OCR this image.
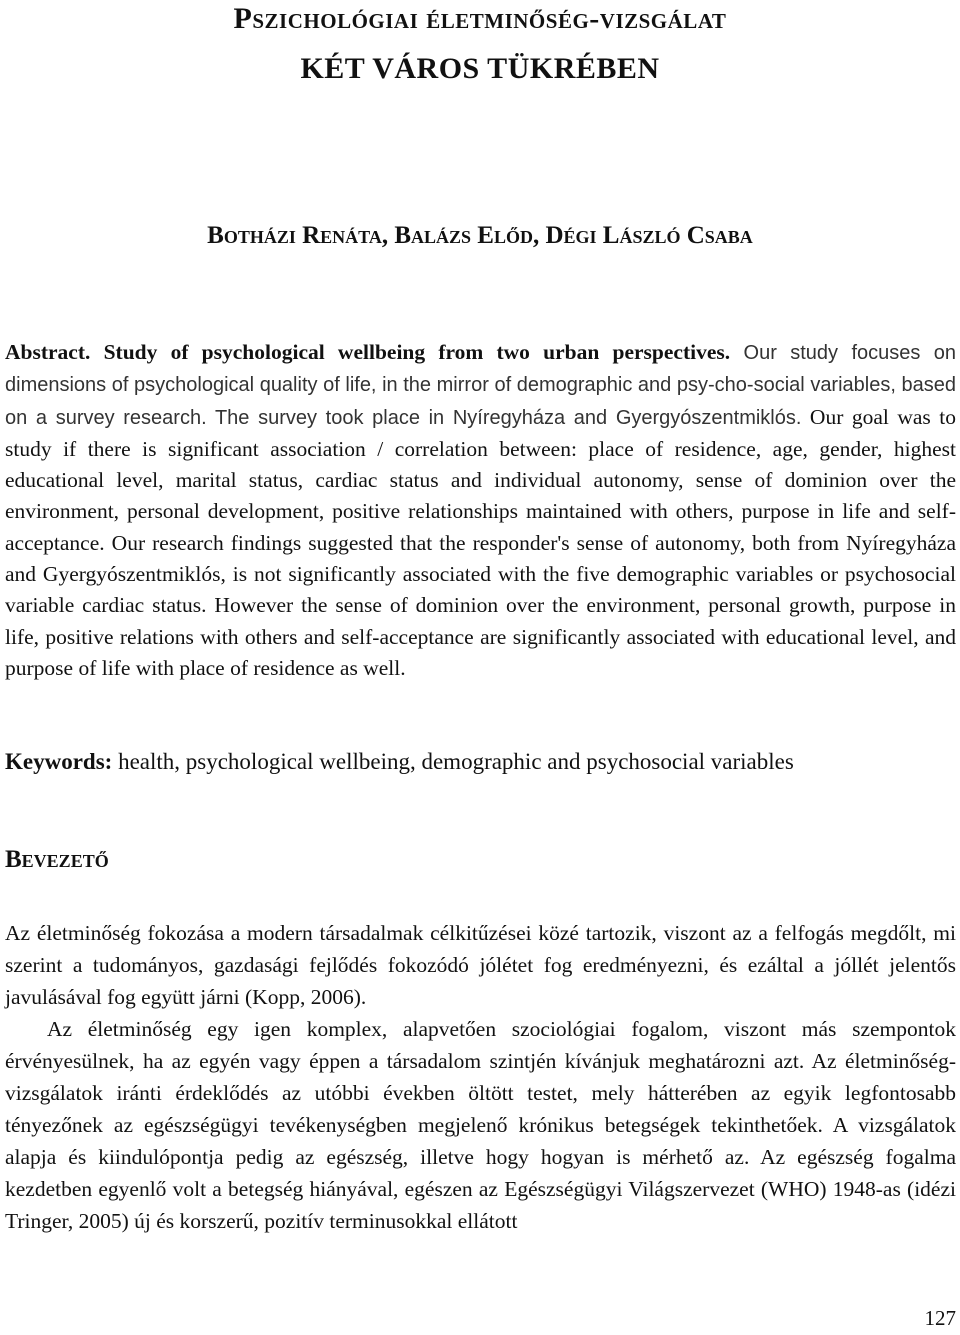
Pszichológiai életminőség-vizsgálat
KÉT VÁROS TÜKRÉBEN
Botházi Renáta, Balázs Előd, Dégi László Csaba
Abstract. Study of psychological wellbeing from two urban perspectives. Our study focuses on dimensions of psychological quality of life, in the mirror of demographic and psy-cho-social variables, based on a survey research. The survey took place in Nyíregyháza and Gyergyószentmiklós. Our goal was to study if there is significant association / correlation between: place of residence, age, gender, highest educational level, marital status, cardiac status and individual autonomy, sense of dominion over the environment, personal development, positive relationships maintained with others, purpose in life and self-acceptance. Our research findings suggested that the responder's sense of autonomy, both from Nyíregyháza and Gyergyószentmiklós, is not significantly associated with the five demographic variables or psychosocial variable cardiac status. However the sense of dominion over the environment, personal growth, purpose in life, positive relations with others and self-acceptance are significantly associated with educational level, and purpose of life with place of residence as well.
Keywords: health, psychological wellbeing, demographic and psychosocial variables
Bevezető

Az életminőség fokozása a modern társadalmak célkitűzései közé tartozik, viszont az a felfogás megdőlt, mi szerint a tudományos, gazdasági fejlődés fokozódó jólétet fog eredményezni, és ezáltal a jóllét jelentős javulásával fog együtt járni (Kopp, 2006).

Az életminőség egy igen komplex, alapvetően szociológiai fogalom, viszont más szempontok érvényesülnek, ha az egyén vagy éppen a társadalom szintjén kívánjuk meghatározni azt. Az életminőség-vizsgálatok iránti érdeklődés az utóbbi években öltött testet, mely hátterében az egyik legfontosabb tényezőnek az egészségügyi tevékenységben megjelenő krónikus betegségek tekinthetőek. A vizsgálatok alapja és kiindulópontja pedig az egészség, illetve hogy hogyan is mérhető az. Az egészség fogalma kezdetben egyenlő volt a betegség hiányával, egészen az Egészségügyi Világszervezet (WHO) 1948-as (idézi Tringer, 2005) új és korszerű, pozitív terminusokkal ellátott

127
